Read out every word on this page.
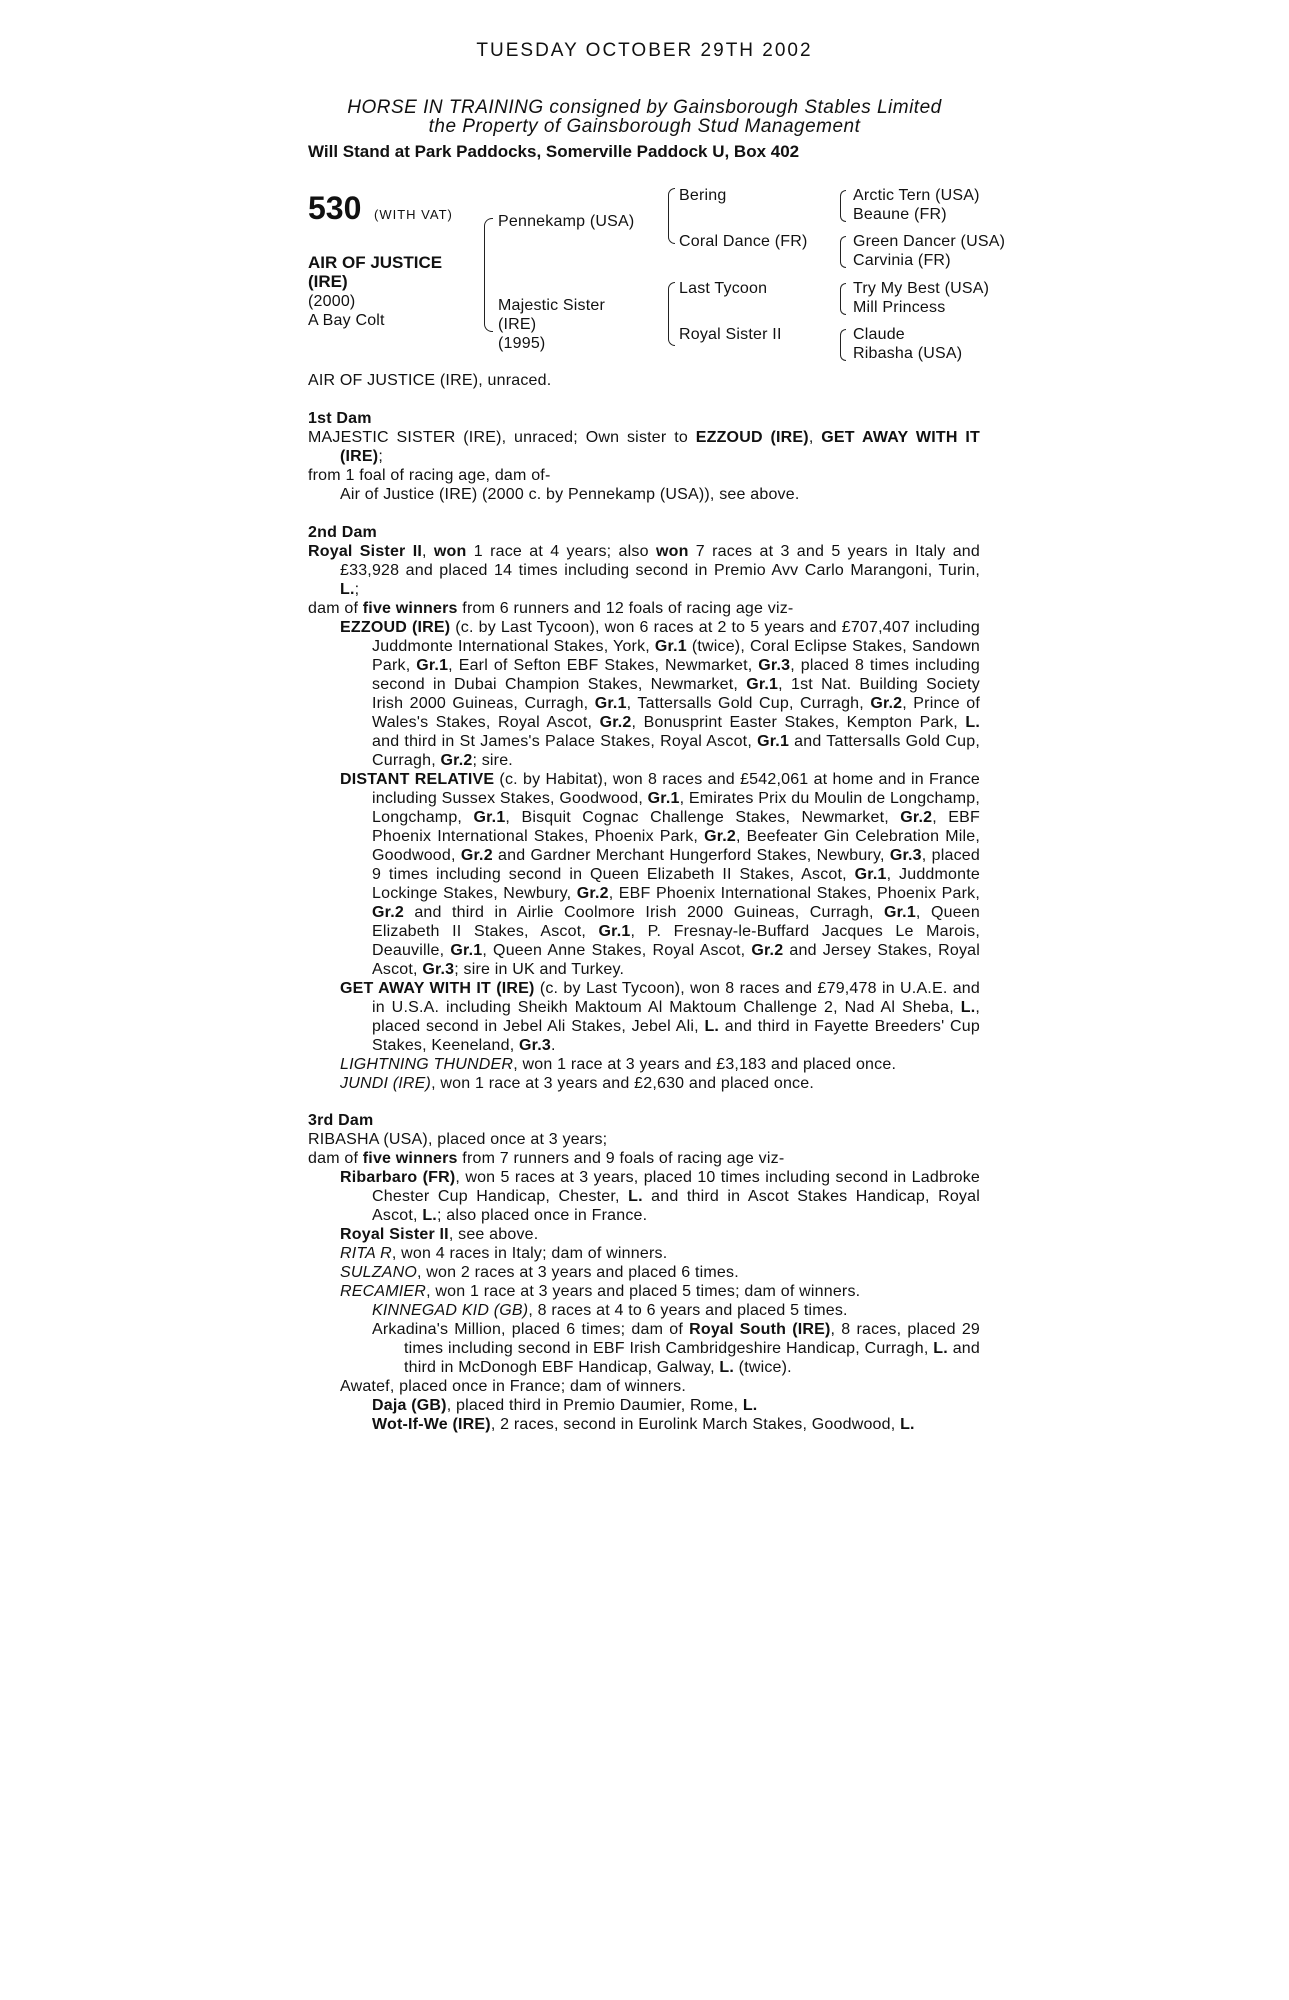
TUESDAY OCTOBER 29TH 2002
HORSE IN TRAINING consigned by Gainsborough Stables Limited
the Property of Gainsborough Stud Management
Will Stand at Park Paddocks, Somerville Paddock U, Box 402
530 (WITH VAT)
AIR OF JUSTICE (IRE)
(2000)
A Bay Colt
Pennekamp (USA)
Majestic Sister
(IRE)
(1995)
Bering
Coral Dance (FR)
Last Tycoon
Royal Sister II
Arctic Tern (USA)
Beaune (FR)
Green Dancer (USA)
Carvinia (FR)
Try My Best (USA)
Mill Princess
Claude
Ribasha (USA)
AIR OF JUSTICE (IRE), unraced.
1st Dam

MAJESTIC SISTER (IRE), unraced; Own sister to EZZOUD (IRE), GET AWAY WITH IT (IRE);

from 1 foal of racing age, dam of-
Air of Justice (IRE) (2000 c. by Pennekamp (USA)), see above.
2nd Dam

Royal Sister II, won 1 race at 4 years; also won 7 races at 3 and 5 years in Italy and £33,928 and placed 14 times including second in Premio Avv Carlo Marangoni, Turin, L.;

dam of five winners from 6 runners and 12 foals of racing age viz-

EZZOUD (IRE) (c. by Last Tycoon), won 6 races at 2 to 5 years and £707,407 including Juddmonte International Stakes, York, Gr.1 (twice), Coral Eclipse Stakes, Sandown Park, Gr.1, Earl of Sefton EBF Stakes, Newmarket, Gr.3, placed 8 times including second in Dubai Champion Stakes, Newmarket, Gr.1, 1st Nat. Building Society Irish 2000 Guineas, Curragh, Gr.1, Tattersalls Gold Cup, Curragh, Gr.2, Prince of Wales's Stakes, Royal Ascot, Gr.2, Bonusprint Easter Stakes, Kempton Park, L. and third in St James's Palace Stakes, Royal Ascot, Gr.1 and Tattersalls Gold Cup, Curragh, Gr.2; sire.

DISTANT RELATIVE (c. by Habitat), won 8 races and £542,061 at home and in France including Sussex Stakes, Goodwood, Gr.1, Emirates Prix du Moulin de Longchamp, Longchamp, Gr.1, Bisquit Cognac Challenge Stakes, Newmarket, Gr.2, EBF Phoenix International Stakes, Phoenix Park, Gr.2, Beefeater Gin Celebration Mile, Goodwood, Gr.2 and Gardner Merchant Hungerford Stakes, Newbury, Gr.3, placed 9 times including second in Queen Elizabeth II Stakes, Ascot, Gr.1, Juddmonte Lockinge Stakes, Newbury, Gr.2, EBF Phoenix International Stakes, Phoenix Park, Gr.2 and third in Airlie Coolmore Irish 2000 Guineas, Curragh, Gr.1, Queen Elizabeth II Stakes, Ascot, Gr.1, P. Fresnay-le-Buffard Jacques Le Marois, Deauville, Gr.1, Queen Anne Stakes, Royal Ascot, Gr.2 and Jersey Stakes, Royal Ascot, Gr.3; sire in UK and Turkey.

GET AWAY WITH IT (IRE) (c. by Last Tycoon), won 8 races and £79,478 in U.A.E. and in U.S.A. including Sheikh Maktoum Al Maktoum Challenge 2, Nad Al Sheba, L., placed second in Jebel Ali Stakes, Jebel Ali, L. and third in Fayette Breeders' Cup Stakes, Keeneland, Gr.3.

LIGHTNING THUNDER, won 1 race at 3 years and £3,183 and placed once.

JUNDI (IRE), won 1 race at 3 years and £2,630 and placed once.

3rd Dam
RIBASHA (USA), placed once at 3 years;

dam of five winners from 7 runners and 9 foals of racing age viz-

Ribarbaro (FR), won 5 races at 3 years, placed 10 times including second in Ladbroke Chester Cup Handicap, Chester, L. and third in Ascot Stakes Handicap, Royal Ascot, L.; also placed once in France.

Royal Sister II, see above.

RITA R, won 4 races in Italy; dam of winners.

SULZANO, won 2 races at 3 years and placed 6 times.

RECAMIER, won 1 race at 3 years and placed 5 times; dam of winners.

KINNEGAD KID (GB), 8 races at 4 to 6 years and placed 5 times.

Arkadina's Million, placed 6 times; dam of Royal South (IRE), 8 races, placed 29 times including second in EBF Irish Cambridgeshire Handicap, Curragh, L. and third in McDonogh EBF Handicap, Galway, L. (twice).

Awatef, placed once in France; dam of winners.

Daja (GB), placed third in Premio Daumier, Rome, L.

Wot-If-We (IRE), 2 races, second in Eurolink March Stakes, Goodwood, L.
